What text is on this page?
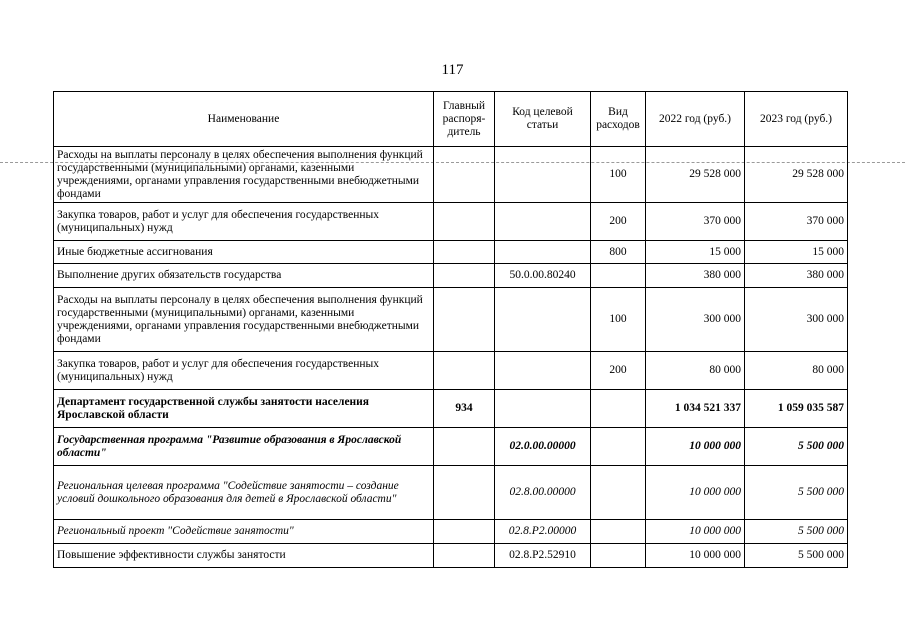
117
Наименование	Главный распоря-дитель	Код целевой статьи	Вид расходов	2022 год (руб.)	2023 год (руб.)
Расходы на выплаты персоналу в целях обеспечения выполнения функций государственными (муниципальными) органами, казенными учреждениями, органами управления государственными внебюджетными фондами			100	29 528 000	29 528 000
Закупка товаров, работ и услуг для обеспечения государственных (муниципальных) нужд			200	370 000	370 000
Иные бюджетные ассигнования			800	15 000	15 000
Выполнение других обязательств государства		50.0.00.80240		380 000	380 000
Расходы на выплаты персоналу в целях обеспечения выполнения функций государственными (муниципальными) органами, казенными учреждениями, органами управления государственными внебюджетными фондами			100	300 000	300 000
Закупка товаров, работ и услуг для обеспечения государственных (муниципальных) нужд			200	80 000	80 000
Департамент государственной службы занятости населения Ярославской области	934			1 034 521 337	1 059 035 587
Государственная программа "Развитие образования в Ярославской области"		02.0.00.00000		10 000 000	5 500 000
Региональная целевая программа "Содействие занятости – создание условий дошкольного образования для детей в Ярославской области"		02.8.00.00000		10 000 000	5 500 000
Региональный проект "Содействие занятости"		02.8.P2.00000		10 000 000	5 500 000
Повышение эффективности службы занятости		02.8.P2.52910		10 000 000	5 500 000
